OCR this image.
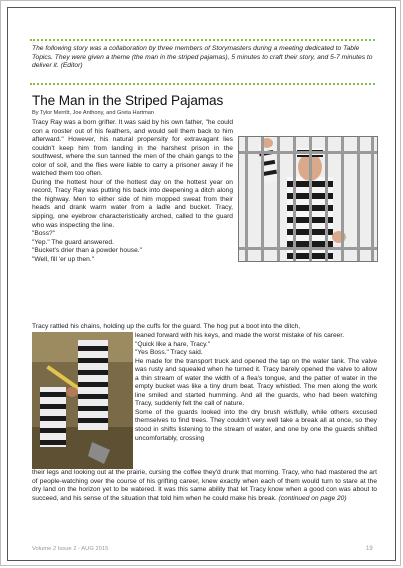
The following story was a collaboration by three members of Storymasters during a meeting dedicated to Table Topics. They were given a theme (the man in the striped pajamas), 5 minutes to craft their story, and 5-7 minutes to deliver it. (Editor)

The Man in the Striped Pajamas
By Tylor Merritt, Joe Anthony, and Greta Hartman

Tracy Ray was a born grifter. It was said by his own father, "he could con a rooster out of his feathers, and would sell them back to him afterward." However, his natural propensity for extravagant lies couldn't keep him from landing in the harshest prison in the southwest, where the sun tanned the men of the chain gangs to the color of soil, and the flies were liable to carry a prisoner away if he watched them too often.

During the hottest hour of the hottest day on the hottest year on record, Tracy Ray was putting his back into deepening a ditch along the highway. Men to either side of him mopped sweat from their heads and drank warm water from a ladle and bucket. Tracy, sipping, one eyebrow characteristically arched, called to the guard who was inspecting the line.

"Boss?"

"Yep." The guard answered.

"Bucket's drier than a powder house."

"Well, fill 'er up then."

Tracy rattled his chains, holding up the cuffs for the guard. The hog put a boot into the ditch,

leaned forward with his keys, and made the worst mistake of his career.

"Quick like a hare, Tracy."

"Yes Boss." Tracy said.

He made for the transport truck and opened the tap on the water tank. The valve was rusty and squealed when he turned it. Tracy barely opened the valve to allow a thin stream of water the width of a flea's tongue, and the patter of water in the empty bucket was like a tiny drum beat. Tracy whistled. The men along the work line smiled and started humming. And all the guards, who had been watching Tracy, suddenly felt the call of nature.

Some of the guards looked into the dry brush wistfully, while others excused themselves to find trees. They couldn't very well take a break all at once, so they stood in shifts listening to the stream of water, and one by one the guards shifted uncomfortably, crossing

their legs and looking out at the prairie, cursing the coffee they'd drunk that morning. Tracy, who had mastered the art of people-watching over the course of his grifting career, knew exactly when each of them would turn to stare at the dry land on the horizon yet to be watered. It was this same ability that let Tracy know when a good con was about to succeed, and his sense of the situation that told him when he could make his break. (continued on page 20)

Volume 2 Issue 2 - AUG 2015	19
